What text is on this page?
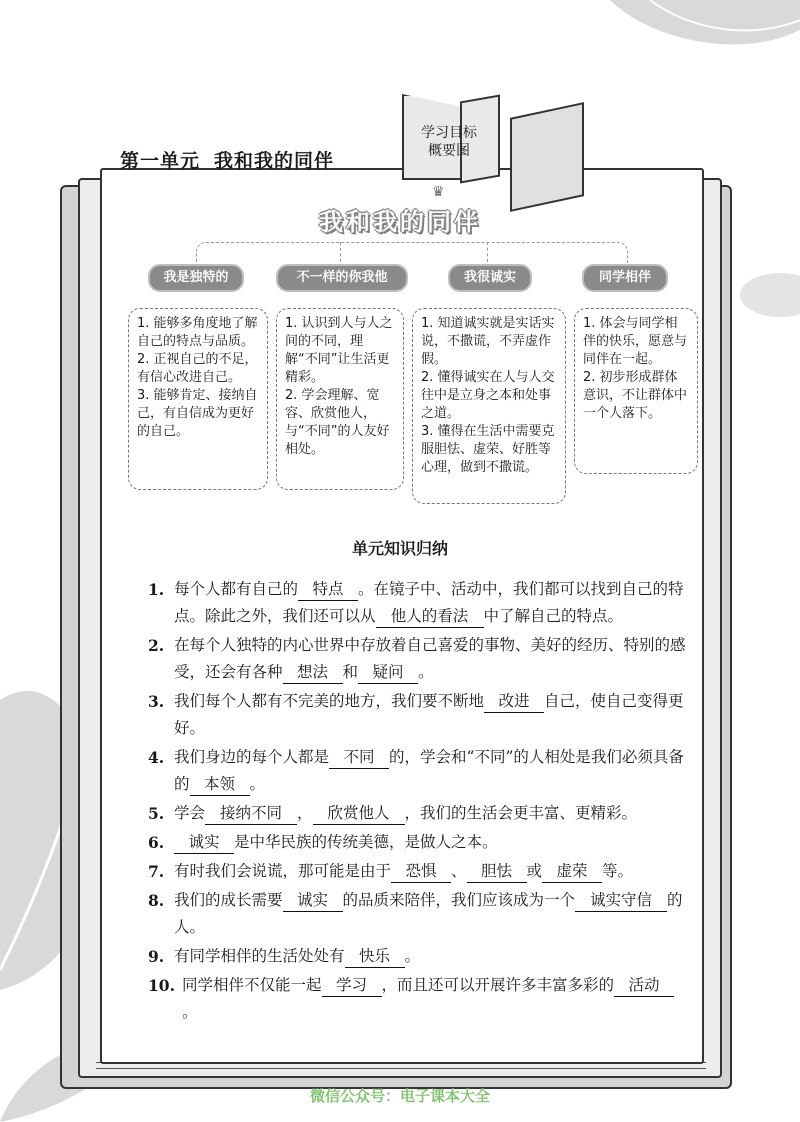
学习目标
概要图
第一单元 我和我的同伴
♛
我和我的同伴
我是独特的	不一样的你我他	我很诚实	同学相伴

1. 能够多角度地了解自己的特点与品质。

2. 正视自己的不足，有信心改进自己。

3. 能够肯定、接纳自己，有自信成为更好的自己。

1. 认识到人与人之间的不同，理解“不同”让生活更精彩。

2. 学会理解、宽容、欣赏他人，与“不同”的人友好相处。

1. 知道诚实就是实话实说，不撒谎，不弄虚作假。

2. 懂得诚实在人与人交往中是立身之本和处事之道。

3. 懂得在生活中需要克服胆怯、虚荣、好胜等心理，做到不撒谎。

1. 体会与同学相伴的快乐，愿意与同伴在一起。

2. 初步形成群体意识，不让群体中一个人落下。

单元知识归纳
1. 每个人都有自己的 特点 。在镜子中、活动中，我们都可以找到自己的特点。除此之外，我们还可以从 他人的看法 中了解自己的特点。
2. 在每个人独特的内心世界中存放着自己喜爱的事物、美好的经历、特别的感受，还会有各种 想法 和 疑问 。
3. 我们每个人都有不完美的地方，我们要不断地 改进 自己，使自己变得更好。
4. 我们身边的每个人都是 不同 的，学会和“不同”的人相处是我们必须具备的 本领 。
5. 学会 接纳不同 ， 欣赏他人 ，我们的生活会更丰富、更精彩。
6. 诚实 是中华民族的传统美德，是做人之本。
7. 有时我们会说谎，那可能是由于 恐惧 、 胆怯 或 虚荣 等。
8. 我们的成长需要 诚实 的品质来陪伴，我们应该成为一个 诚实守信 的人。
9. 有同学相伴的生活处处有 快乐 。
10. 同学相伴不仅能一起 学习 ，而且还可以开展许多丰富多彩的 活动。
微信公众号：电子课本大全
